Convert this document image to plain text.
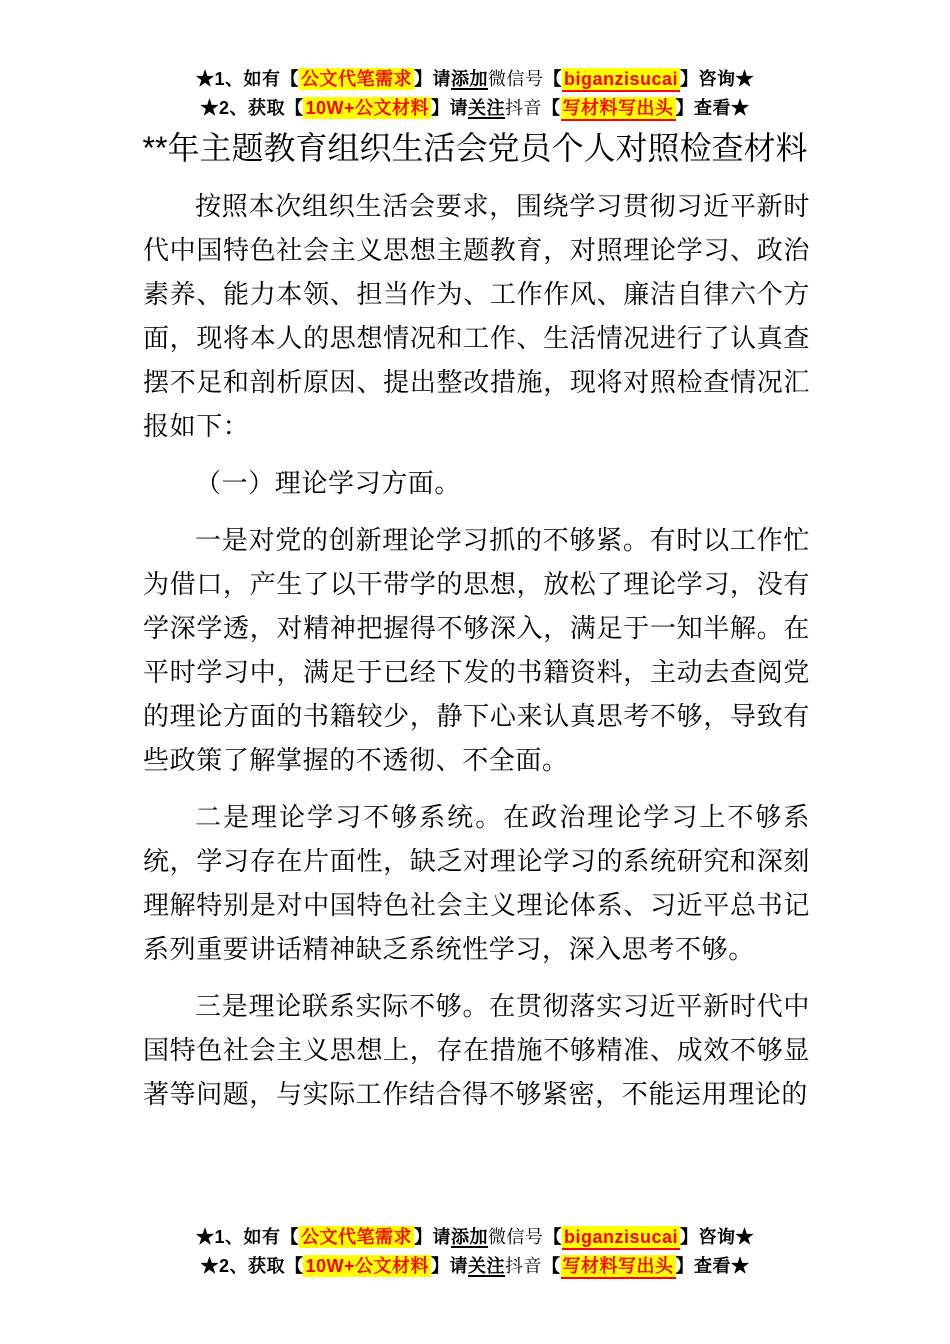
★1、如有【 公文代笔需求 】请添加微信号【 biganzisucai 】咨询★
★2、获取【 10W+公文材料 】请关注抖音【 写材料写出头 】查看★
**年主题教育组织生活会党员个人对照检查材料

按照本次组织生活会要求，围绕学习贯彻习近平新时代中国特色社会主义思想主题教育，对照理论学习、政治素养、能力本领、担当作为、工作作风、廉洁自律六个方面，现将本人的思想情况和工作、生活情况进行了认真查摆不足和剖析原因、提出整改措施，现将对照检查情况汇报如下：

（一）理论学习方面。

一是对党的创新理论学习抓的不够紧。有时以工作忙为借口，产生了以干带学的思想，放松了理论学习，没有学深学透，对精神把握得不够深入，满足于一知半解。在平时学习中，满足于已经下发的书籍资料，主动去查阅党的理论方面的书籍较少，静下心来认真思考不够，导致有些政策了解掌握的不透彻、不全面。

二是理论学习不够系统。在政治理论学习上不够系统，学习存在片面性，缺乏对理论学习的系统研究和深刻理解特别是对中国特色社会主义理论体系、习近平总书记系列重要讲话精神缺乏系统性学习，深入思考不够。

三是理论联系实际不够。在贯彻落实习近平新时代中国特色社会主义思想上，存在措施不够精准、成效不够显著等问题，与实际工作结合得不够紧密，不能运用理论的

★1、如有【 公文代笔需求 】请添加微信号【 biganzisucai 】咨询★
★2、获取【 10W+公文材料 】请关注抖音【 写材料写出头 】查看★
